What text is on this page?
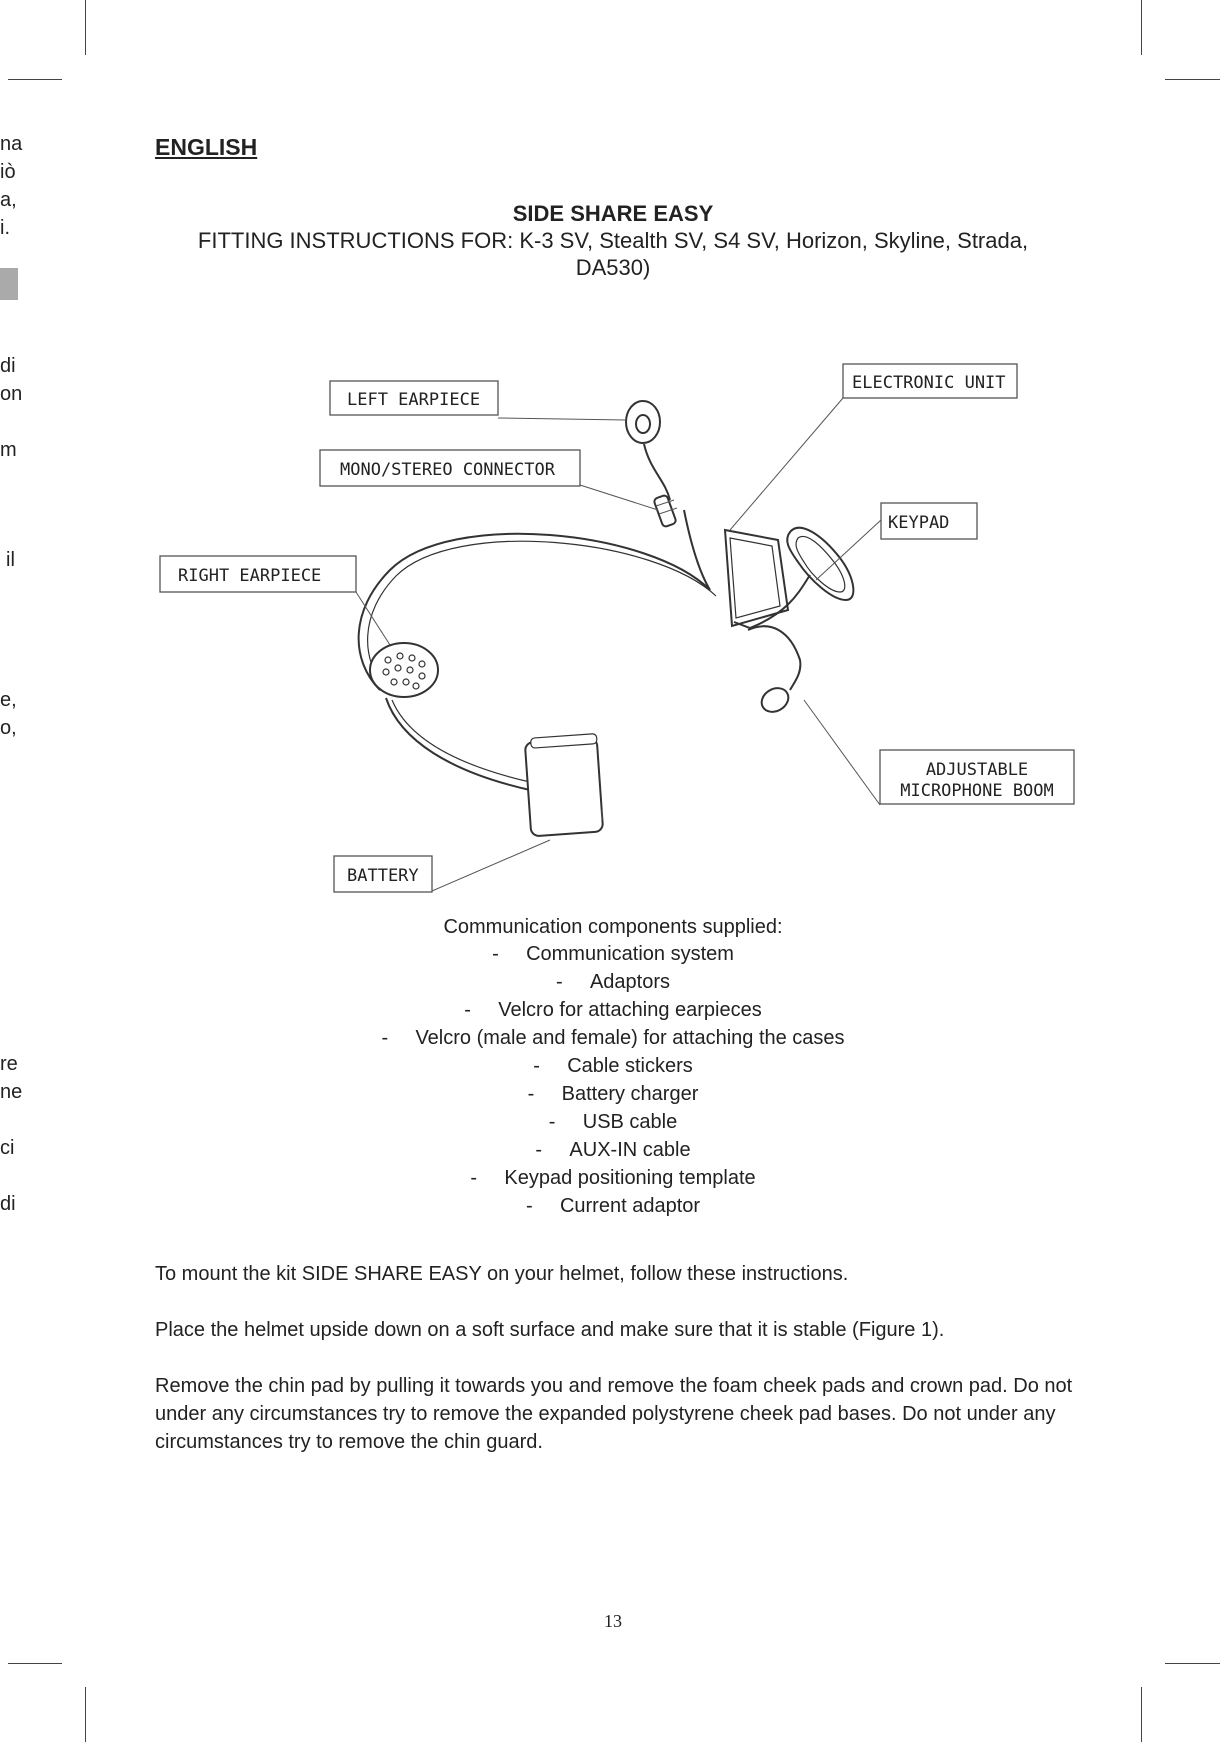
na
iò
a,
i.
di
on
m
il
e,
o,
re
ne
ci
di
ENGLISH
SIDE SHARE EASY
FITTING INSTRUCTIONS FOR: K-3 SV, Stealth SV, S4 SV, Horizon, Skyline, Strada, DA530)
LEFT EARPIECE
MONO/STEREO CONNECTOR
RIGHT EARPIECE
ELECTRONIC UNIT
KEYPAD
ADJUSTABLE
MICROPHONE BOOM
BATTERY
Communication components supplied:
- Communication system
- Adaptors
- Velcro for attaching earpieces
- Velcro (male and female) for attaching the cases
- Cable stickers
- Battery charger
- USB cable
- AUX-IN cable
- Keypad positioning template
- Current adaptor

To mount the kit SIDE SHARE EASY on your helmet, follow these instructions.

Place the helmet upside down on a soft surface and make sure that it is stable (Figure 1).

Remove the chin pad by pulling it towards you and remove the foam cheek pads and crown pad. Do not under any circumstances try to remove the expanded polystyrene cheek pad bases. Do not under any circumstances try to remove the chin guard.

13
